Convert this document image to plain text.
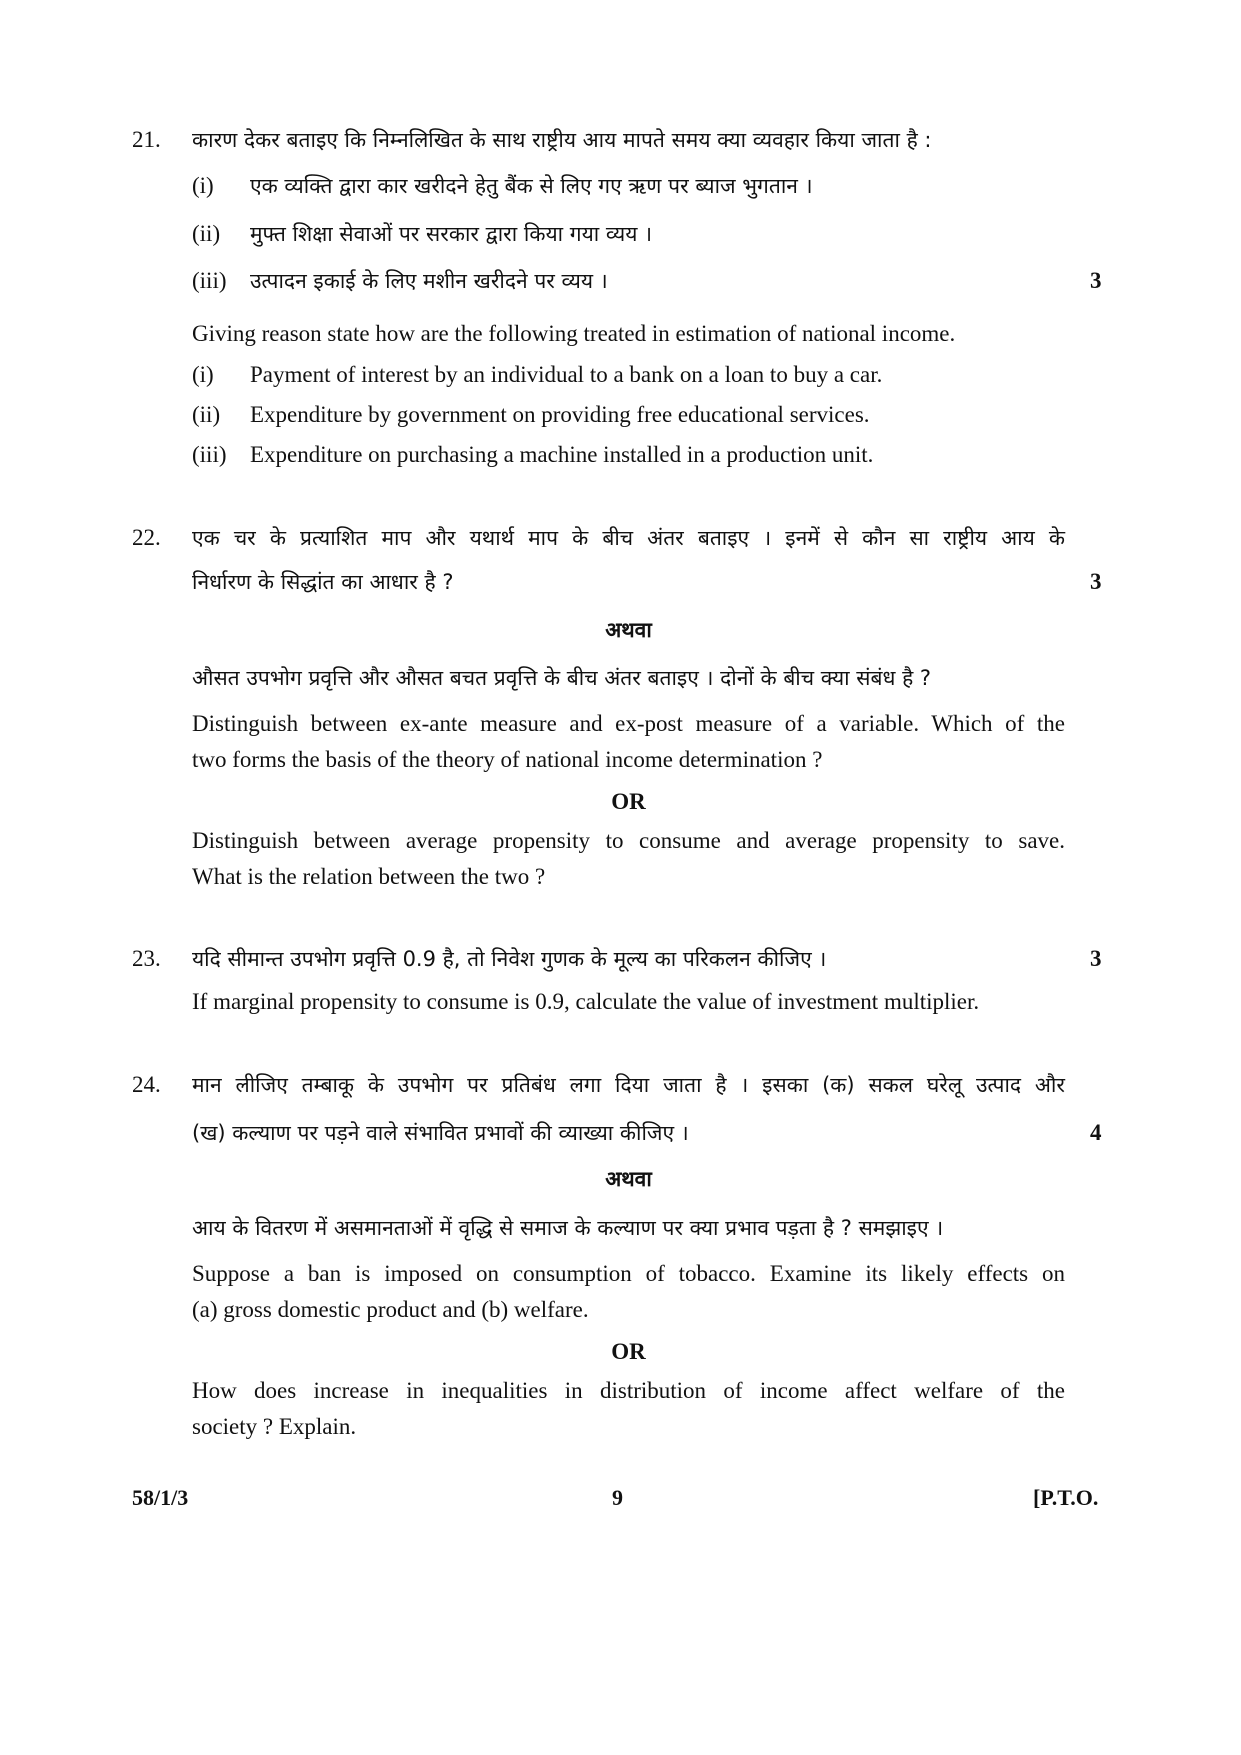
21. कारण देकर बताइए कि निम्नलिखित के साथ राष्ट्रीय आय मापते समय क्या व्यवहार किया जाता है :
(i) एक व्यक्ति द्वारा कार खरीदने हेतु बैंक से लिए गए ऋण पर ब्याज भुगतान ।
(ii) मुफ्त शिक्षा सेवाओं पर सरकार द्वारा किया गया व्यय ।
(iii) उत्पादन इकाई के लिए मशीन खरीदने पर व्यय ।	3
Giving reason state how are the following treated in estimation of national income.
(i) Payment of interest by an individual to a bank on a loan to buy a car.
(ii) Expenditure by government on providing free educational services.
(iii) Expenditure on purchasing a machine installed in a production unit.
22. एक चर के प्रत्याशित माप और यथार्थ माप के बीच अंतर बताइए । इनमें से कौन सा राष्ट्रीय आय के
निर्धारण के सिद्धांत का आधार है ?	3
अथवा
औसत उपभोग प्रवृत्ति और औसत बचत प्रवृत्ति के बीच अंतर बताइए । दोनों के बीच क्या संबंध है ?
Distinguish between ex-ante measure and ex-post measure of a variable. Which of the
two forms the basis of the theory of national income determination ?
OR
Distinguish between average propensity to consume and average propensity to save.
What is the relation between the two ?
23. यदि सीमान्त उपभोग प्रवृत्ति 0.9 है, तो निवेश गुणक के मूल्य का परिकलन कीजिए ।	3
If marginal propensity to consume is 0.9, calculate the value of investment multiplier.
24. मान लीजिए तम्बाकू के उपभोग पर प्रतिबंध लगा दिया जाता है । इसका (क) सकल घरेलू उत्पाद और
(ख) कल्याण पर पड़ने वाले संभावित प्रभावों की व्याख्या कीजिए ।	4
अथवा
आय के वितरण में असमानताओं में वृद्धि से समाज के कल्याण पर क्या प्रभाव पड़ता है ? समझाइए ।
Suppose a ban is imposed on consumption of tobacco. Examine its likely effects on
(a) gross domestic product and (b) welfare.
OR
How does increase in inequalities in distribution of income affect welfare of the
society ? Explain.
58/1/3	9	[P.T.O.
